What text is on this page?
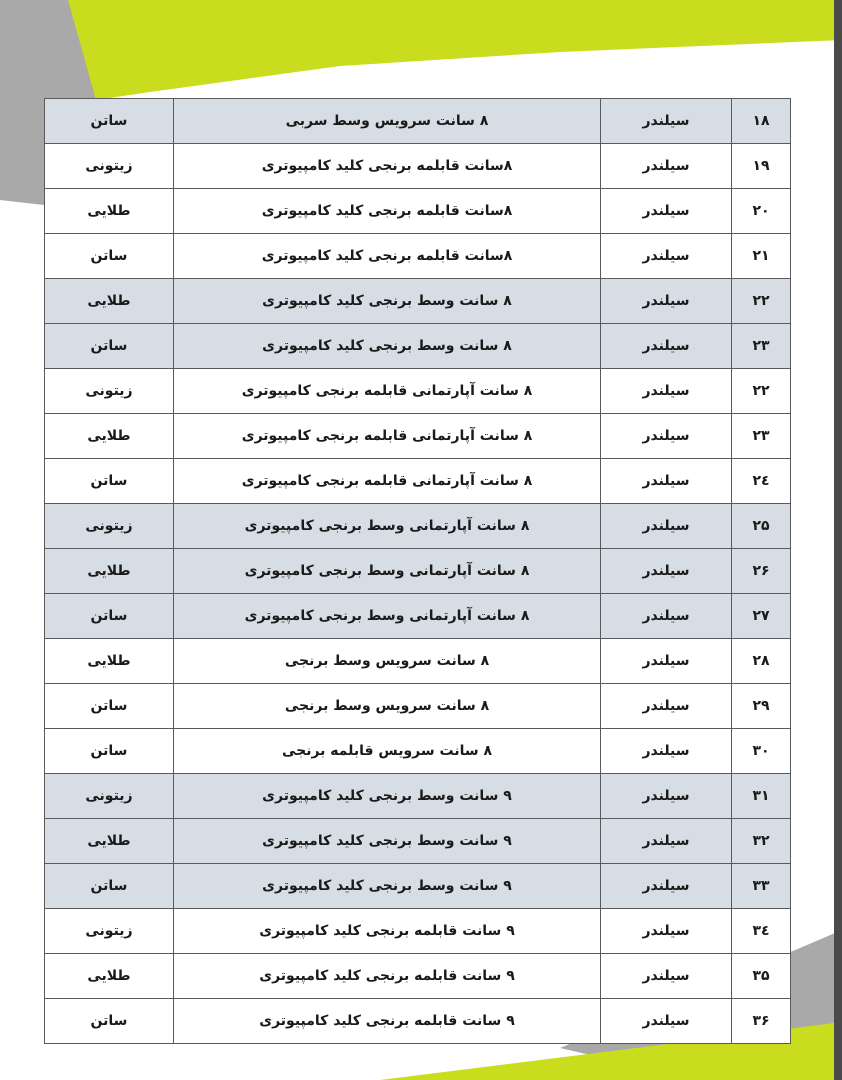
۱۸	سیلندر	۸ سانت سرویس وسط سربی	ساتن
۱۹	سیلندر	۸سانت قابلمه برنجی کلید کامپیوتری	زیتونی
۲۰	سیلندر	۸سانت قابلمه برنجی کلید کامپیوتری	طلایی
۲۱	سیلندر	۸سانت قابلمه برنجی کلید کامپیوتری	ساتن
۲۲	سیلندر	۸ سانت وسط برنجی کلید کامپیوتری	طلایی
۲۳	سیلندر	۸ سانت وسط برنجی کلید کامپیوتری	ساتن
۲۲	سیلندر	۸ سانت آپارتمانی قابلمه برنجی کامپیوتری	زیتونی
۲۳	سیلندر	۸ سانت آپارتمانی قابلمه برنجی کامپیوتری	طلایی
۲٤	سیلندر	۸ سانت آپارتمانی قابلمه برنجی کامپیوتری	ساتن
۲۵	سیلندر	۸ سانت آپارتمانی وسط برنجی کامپیوتری	زیتونی
۲۶	سیلندر	۸ سانت آپارتمانی وسط برنجی کامپیوتری	طلایی
۲۷	سیلندر	۸ سانت آپارتمانی وسط برنجی کامپیوتری	ساتن
۲۸	سیلندر	۸ سانت سرویس وسط برنجی	طلایی
۲۹	سیلندر	۸ سانت سرویس وسط برنجی	ساتن
۳۰	سیلندر	۸ سانت سرویس قابلمه برنجی	ساتن
۳۱	سیلندر	۹ سانت وسط برنجی کلید کامپیوتری	زیتونی
۳۲	سیلندر	۹ سانت وسط برنجی کلید کامپیوتری	طلایی
۳۳	سیلندر	۹ سانت وسط برنجی کلید کامپیوتری	ساتن
۳٤	سیلندر	۹ سانت قابلمه برنجی کلید کامپیوتری	زیتونی
۳۵	سیلندر	۹ سانت قابلمه برنجی کلید کامپیوتری	طلایی
۳۶	سیلندر	۹ سانت قابلمه برنجی کلید کامپیوتری	ساتن
